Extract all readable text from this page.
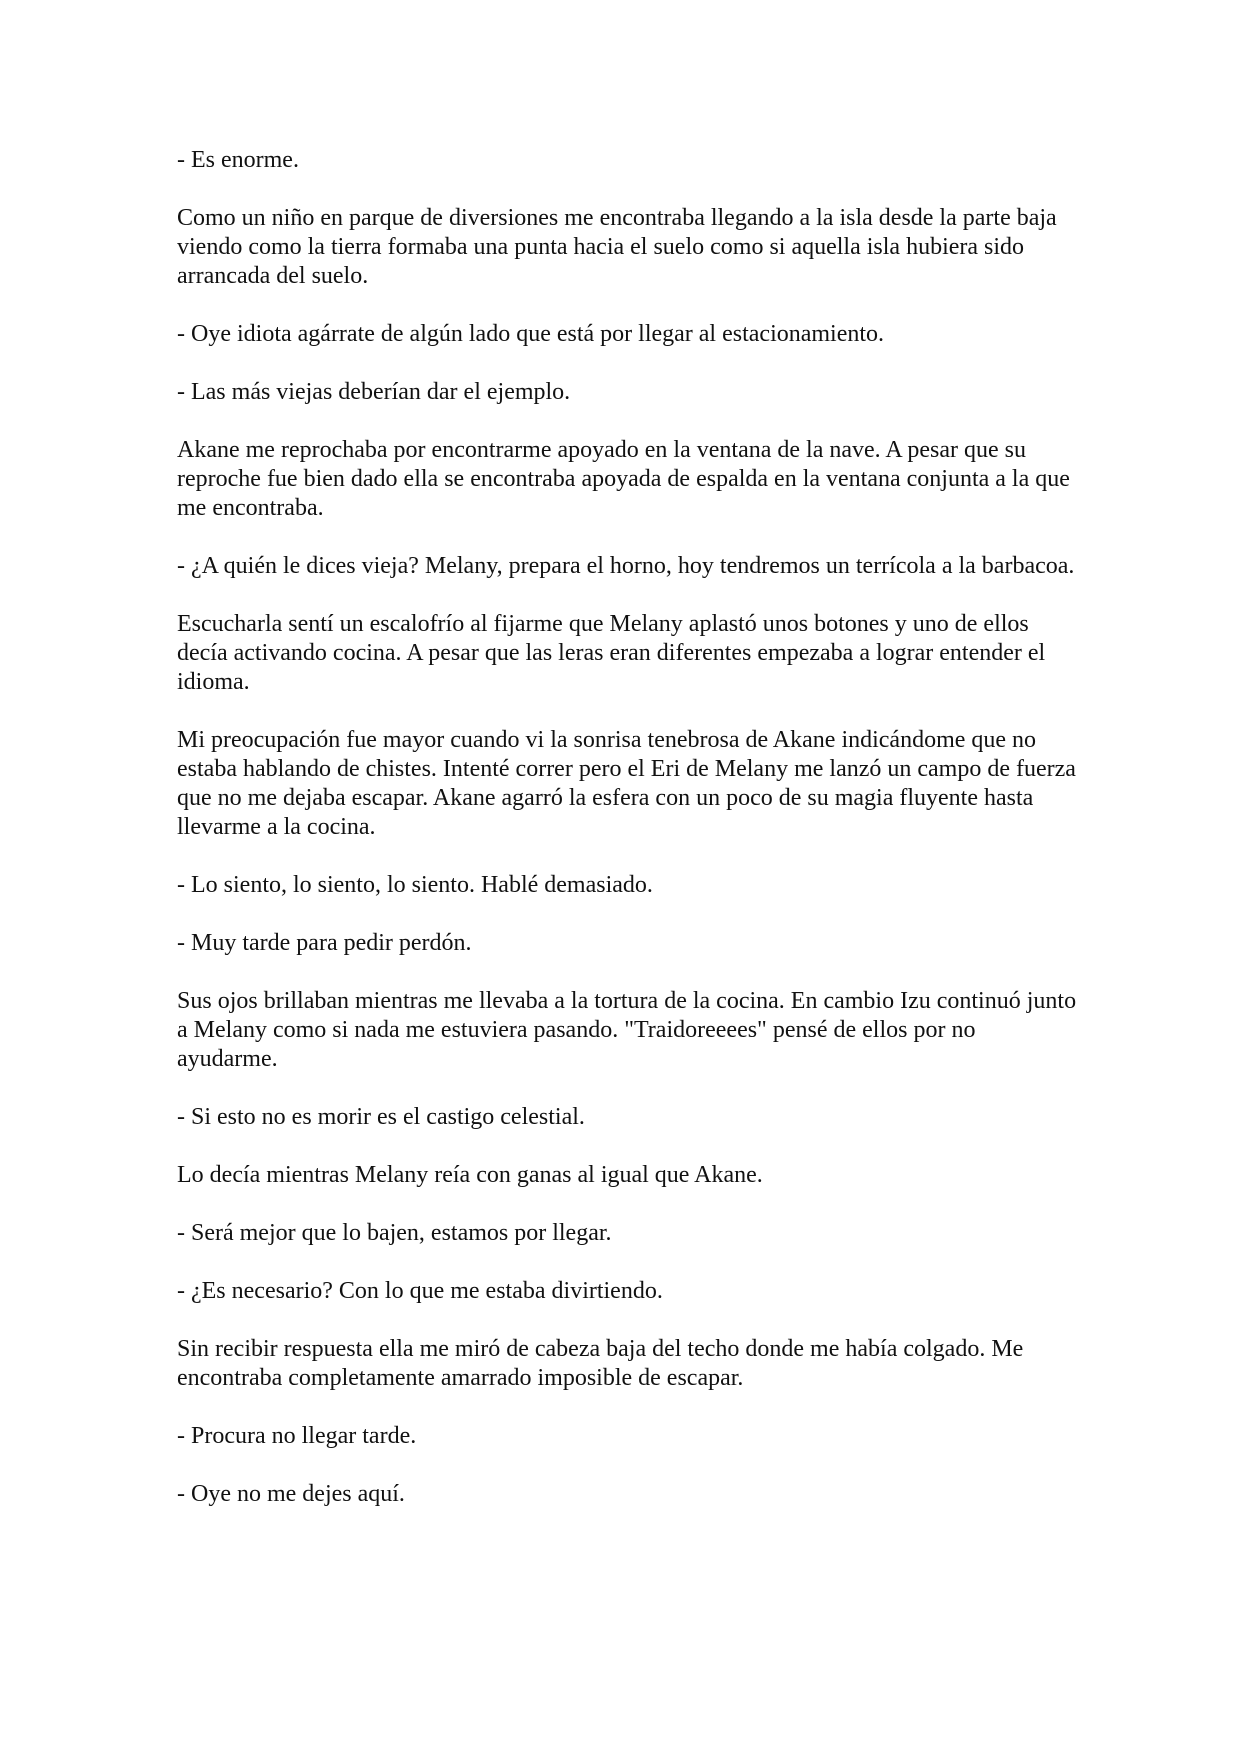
- Es enorme.

Como un niño en parque de diversiones me encontraba llegando a la isla desde la parte baja viendo como la tierra formaba una punta hacia el suelo como si aquella isla hubiera sido arrancada del suelo.

- Oye idiota agárrate de algún lado que está por llegar al estacionamiento.

- Las más viejas deberían dar el ejemplo.

Akane me reprochaba por encontrarme apoyado en la ventana de la nave. A pesar que su reproche fue bien dado ella se encontraba apoyada de espalda en la ventana conjunta a la que me encontraba.

- ¿A quién le dices vieja? Melany, prepara el horno, hoy tendremos un terrícola a la barbacoa.

Escucharla sentí un escalofrío al fijarme que Melany aplastó unos botones y uno de ellos decía activando cocina. A pesar que las leras eran diferentes empezaba a lograr entender el idioma.

Mi preocupación fue mayor cuando vi la sonrisa tenebrosa de Akane indicándome que no estaba hablando de chistes. Intenté correr pero el Eri de Melany me lanzó un campo de fuerza que no me dejaba escapar. Akane agarró la esfera con un poco de su magia fluyente hasta llevarme a la cocina.

- Lo siento, lo siento, lo siento. Hablé demasiado.

- Muy tarde para pedir perdón.

Sus ojos brillaban mientras me llevaba a la tortura de la cocina. En cambio Izu continuó junto a Melany como si nada me estuviera pasando. "Traidoreeees" pensé de ellos por no ayudarme.

- Si esto no es morir es el castigo celestial.

Lo decía mientras Melany reía con ganas al igual que Akane.

- Será mejor que lo bajen, estamos por llegar.

- ¿Es necesario? Con lo que me estaba divirtiendo.

Sin recibir respuesta ella me miró de cabeza baja del techo donde me había colgado. Me encontraba completamente amarrado imposible de escapar.

- Procura no llegar tarde.

- Oye no me dejes aquí.
